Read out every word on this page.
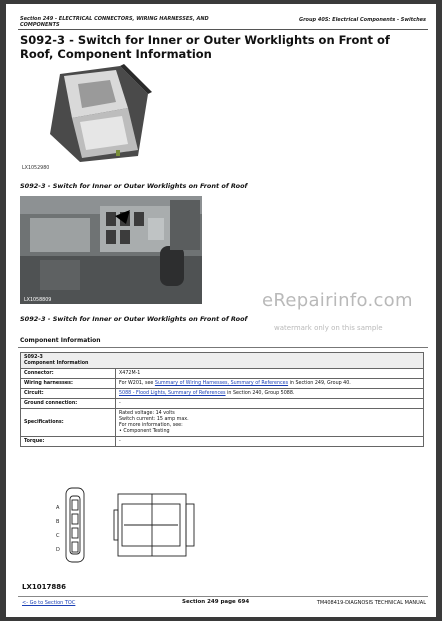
Section 249 - ELECTRICAL CONNECTORS, WIRING HARNESSES, AND COMPONENTS
Group 40S: Electrical Components - Switches
S092-3 - Switch for Inner or Outer Worklights on Front of Roof, Component Information
LX1052980
S092-3 - Switch for Inner or Outer Worklights on Front of Roof
LX1058809
S092-3 - Switch for Inner or Outer Worklights on Front of Roof
eRepairinfo.com
watermark only on this sample
Component Information
S092-3
Component Information	

Connector:	X472M-1
Wiring harnesses:	For W201, see Summary of Wiring Harnesses, Summary of References in Section 249, Group 40.
Circuit:	5088 - Flood Lights, Summary of References in Section 240, Group 5088.
Ground connection:	-
Specifications:	Rated voltage: 14 volts
Switch current: 15 amp max.
For more information, see:
• Component Testing

Torque:	-
A
B
C
D
LX1017886
<- Go to Section TOC	Section 249 page 694	TM408419-DIAGNOSIS TECHNICAL MANUAL
